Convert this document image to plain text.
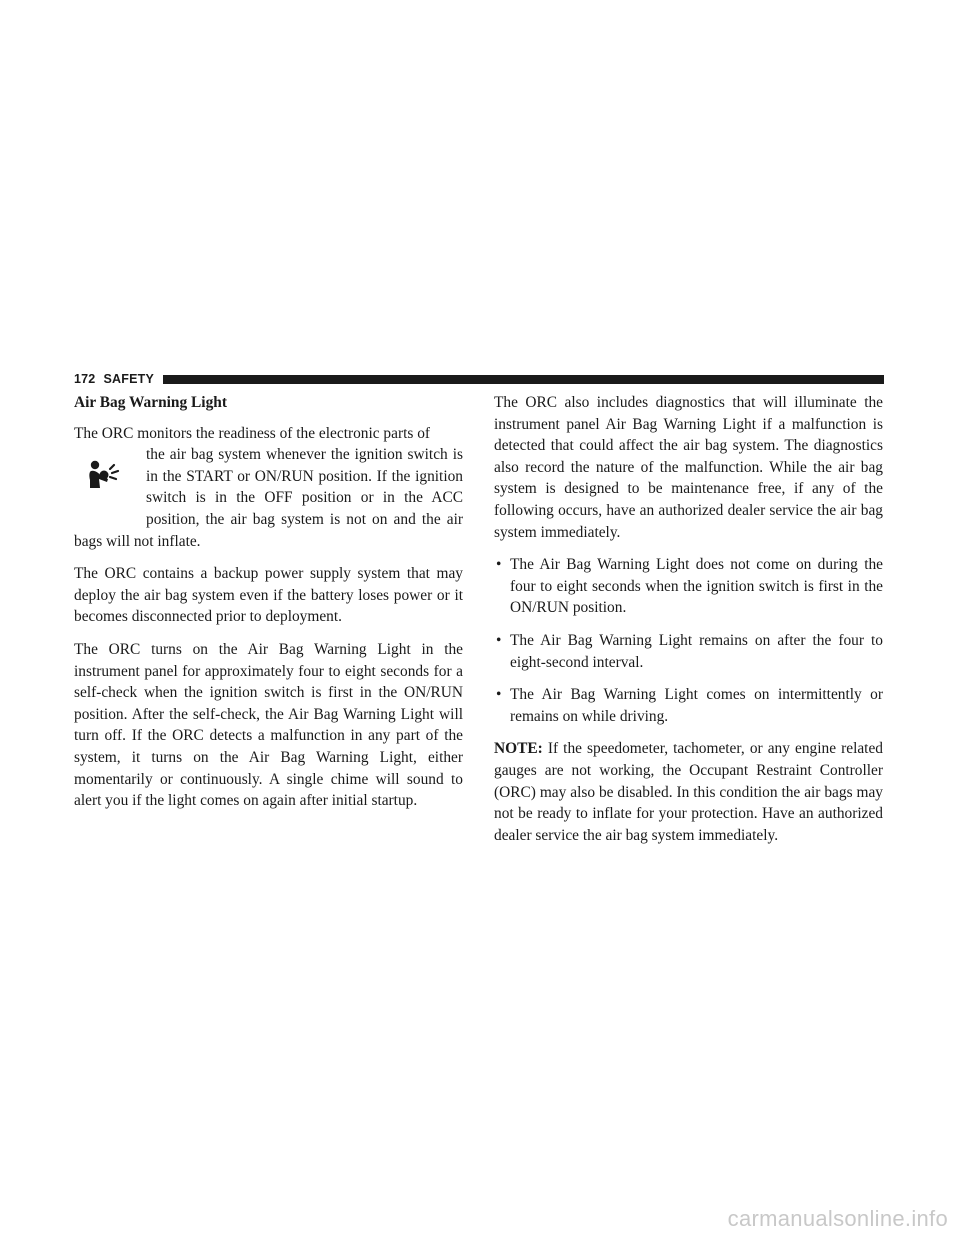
172 SAFETY

Air Bag Warning Light

The ORC monitors the readiness of the electronic parts of

the air bag system whenever the ignition switch is in the START or ON/RUN position. If the ignition switch is in the OFF position or in the ACC position, the air bag system is not on and the air bags will not inflate.

The ORC contains a backup power supply system that may deploy the air bag system even if the battery loses power or it becomes disconnected prior to deployment.

The ORC turns on the Air Bag Warning Light in the instrument panel for approximately four to eight seconds for a self-check when the ignition switch is first in the ON/RUN position. After the self-check, the Air Bag Warning Light will turn off. If the ORC detects a malfunction in any part of the system, it turns on the Air Bag Warning Light, either momentarily or continuously. A single chime will sound to alert you if the light comes on again after initial startup.

The ORC also includes diagnostics that will illuminate the instrument panel Air Bag Warning Light if a malfunction is detected that could affect the air bag system. The diagnostics also record the nature of the malfunction. While the air bag system is designed to be maintenance free, if any of the following occurs, have an authorized dealer service the air bag system immediately.

• The Air Bag Warning Light does not come on during the four to eight seconds when the ignition switch is first in the ON/RUN position.
• The Air Bag Warning Light remains on after the four to eight-second interval.
• The Air Bag Warning Light comes on intermittently or remains on while driving.

NOTE: If the speedometer, tachometer, or any engine related gauges are not working, the Occupant Restraint Controller (ORC) may also be disabled. In this condition the air bags may not be ready to inflate for your protection. Have an authorized dealer service the air bag system immediately.

carmanualsonline.info
